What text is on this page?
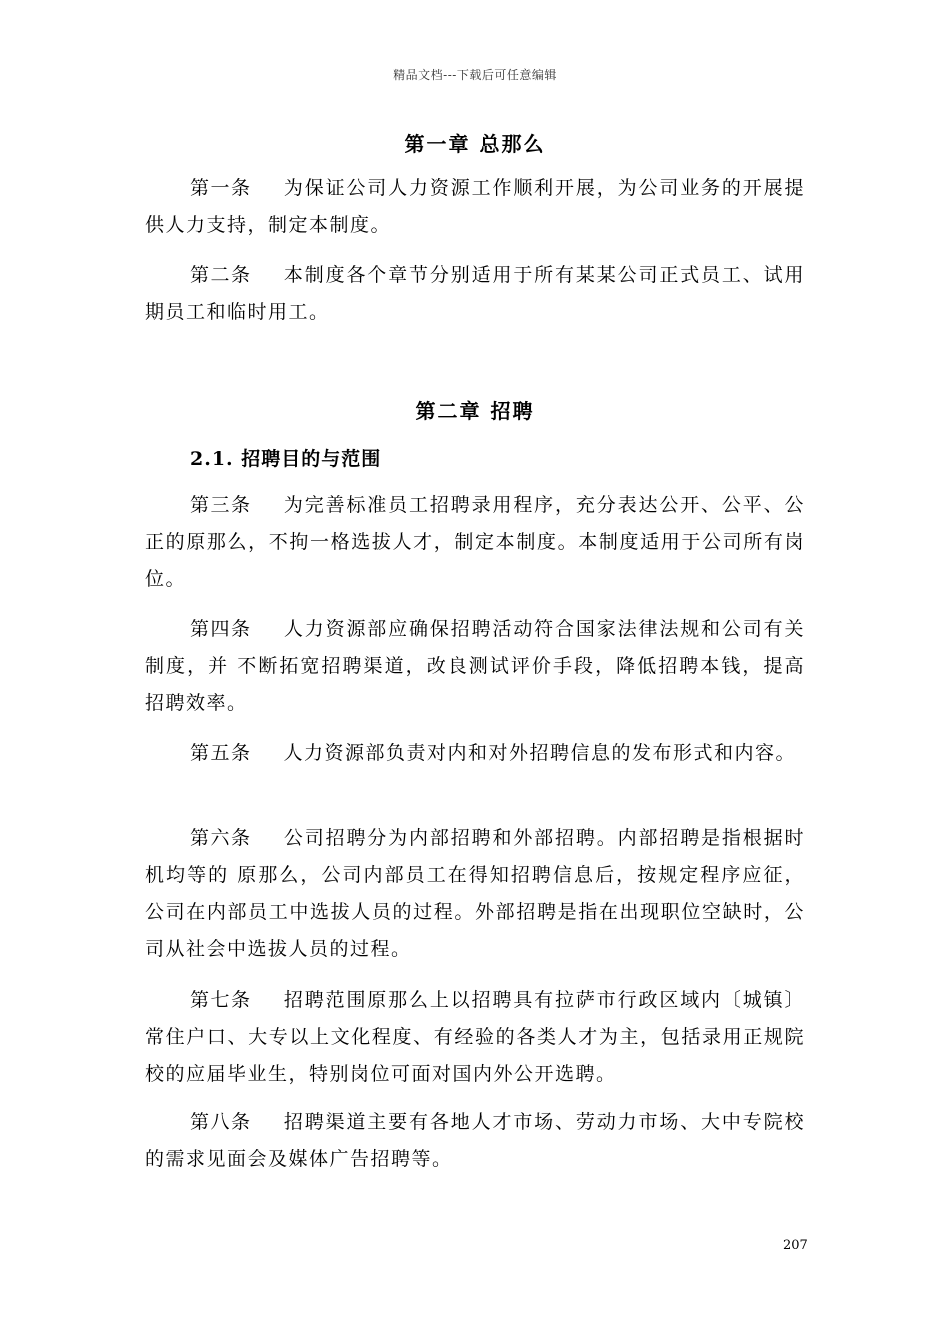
精品文档---下载后可任意编辑
第一章 总那么
第一条 为保证公司人力资源工作顺利开展，为公司业务的开展提供人力支持，制定本制度。
第二条 本制度各个章节分别适用于所有某某公司正式员工、试用期员工和临时用工。
第二章 招聘
2.1. 招聘目的与范围
第三条 为完善标准员工招聘录用程序，充分表达公开、公平、公正的原那么，不拘一格选拔人才，制定本制度。本制度适用于公司所有岗位。
第四条 人力资源部应确保招聘活动符合国家法律法规和公司有关制度，并 不断拓宽招聘渠道，改良测试评价手段，降低招聘本钱，提高招聘效率。
第五条 人力资源部负责对内和对外招聘信息的发布形式和内容。
第六条 公司招聘分为内部招聘和外部招聘。内部招聘是指根据时机均等的 原那么，公司内部员工在得知招聘信息后，按规定程序应征，公司在内部员工中选拔人员的过程。外部招聘是指在出现职位空缺时，公司从社会中选拔人员的过程。
第七条 招聘范围原那么上以招聘具有拉萨市行政区域内〔城镇〕常住户口、大专以上文化程度、有经验的各类人才为主，包括录用正规院校的应届毕业生，特别岗位可面对国内外公开选聘。
第八条 招聘渠道主要有各地人才市场、劳动力市场、大中专院校的需求见面会及媒体广告招聘等。
207
